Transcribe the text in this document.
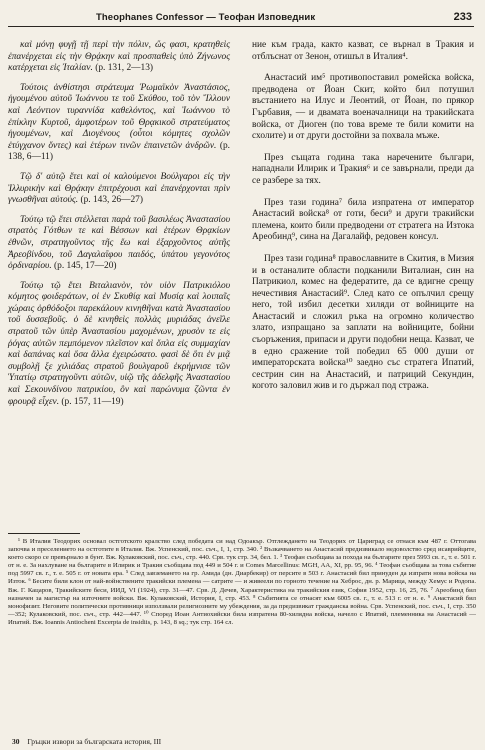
Theophanes Confessor — Теофан Изповедник	233

καὶ μόνῃ φυγῇ τῇ περὶ τὴν πόλιν, ὥς φασι, κρατηθεὶς ἐπανέρχεται εἰς τὴν Θρᾴκην καὶ προσπαθεὶς ὑπὸ Ζήνωνος κατέρχεται εἰς Ἰταλίαν. (p. 131, 2—13)

Τούτοις ἀνθίστησι στράτευμα Ῥωμαϊκὸν Ἀναστάσιος, ἡγουμένου αὐτοῦ Ἰωάννου τε τοῦ Σκύθου, τοῦ τὸν Ἴλλουν καὶ Λεόντιον τυραννίδα καθελόντος, καὶ Ἰωάννου τὸ ἐπίκλην Κυρτοῦ, ἀμφοτέρων τοῦ Θρᾳκικοῦ στρατεύματος ἡγουμένων, καὶ Διογένους (οὗτοι κόμητες σχολῶν ἐτύγχανον ὄντες) καὶ ἑτέρων τινῶν ἐπαινετῶν ἀνδρῶν. (p. 138, 6—11)

Τῷ δ' αὐτῷ ἔτει καὶ οἱ καλούμενοι Βούλγαροι εἰς τὴν Ἰλλυρικὴν καὶ Θρᾴκην ἐπιτρέχουσι καὶ ἐπανέρχονται πρὶν γνωσθῆναι αὐτούς. (p. 143, 26—27)

Τούτῳ τῷ ἔτει στέλλεται παρὰ τοῦ βασιλέως Ἀναστασίου στρατὸς Γότθων τε καὶ Βέσσων καὶ ἑτέρων Θρᾳκίων ἐθνῶν, στρατηγοῦντος τῆς ἕω καὶ ἐξαρχοῦντος αὐτῆς Ἀρεοβίνδου, τοῦ Δαγαλαΐφου παιδός, ὑπάτου γεγονότος ὀρδιναρίου. (p. 145, 17—20)

Τούτῳ τῷ ἔτει Βιταλιανὸν, τὸν υἱὸν Πατρικιόλου κόμητος φοιδεράτων, οἱ ἐν Σκυθίᾳ καὶ Μυσίᾳ καὶ λοιπαῖς χώραις ὀρθόδοξοι παρεκάλουν κινηθῆναι κατὰ Ἀναστασίου τοῦ δυσσεβοῦς. ὁ δὲ κινηθεὶς πολλὰς μυριάδας ἀνεῖλε στρατοῦ τῶν ὑπὲρ Ἀναστασίου μαχομένων, χρυσὸν τε εἰς ῥόγας αὐτῶν πεμπόμενον πλεῖστον καὶ ὅπλα εἰς συμμαχίαν καὶ δαπάνας καὶ ὅσα ἄλλα ἐχειρώσατο. φασὶ δὲ ὅτι ἐν μιᾷ συμβολῇ ξε χιλιάδας στρατοῦ βουλγαροῦ ἐκρήμνισε τῶν Ὑπατίῳ στρατηγοῦντι αὐτῶν, υἱῷ τῆς ἀδελφῆς Ἀναστασίου καὶ Σεκουνδίνου πατρικίου, ὃν καὶ παρώνυμα ζῶντα ἐν φρουρᾷ εἶχεν. (p. 157, 11—19)

ние към града, както казват, се върнал в Тракия и отблъснат от Зенон, отишъл в Италия⁴.

Анастасий им⁵ противопоставил ромейска войска, предводена от Йоан Скит, който бил потушил въстанието на Илус и Леонтий, от Йоан, по прякор Гърбавия, — и двамата военачалници на тракийската войска, от Диоген (по това време те били комити на схолите) и от други достойни за похвала мъже.

През същата година така наречените българи, нападнали Илирик и Тракия⁶ и се завърнали, преди да се разбере за тях.

През тази година⁷ била изпратена от император Анастасий войска⁸ от готи, беси⁹ и други тракийски племена, които били предводени от стратега на Изтока Ареобинд⁹, сина на Дагалайф, редовен консул.

През тази година⁸ православните в Скития, в Мизия и в останалите области подканили Виталиан, син на Патрикиол, комес на федератите, да се вдигне срещу нечестивия Анастасий⁹. След като се опълчил срещу него, той избил десетки хиляди от войниците на Анастасий и сложил ръка на огромно количество злато, изпращано за заплати на войниците, бойни съоръжения, припаси и други подобни неща. Казват, че в едно сражение той победил 65 000 души от императорската войска¹⁰ заедно със стратега Ипатий, сестрин син на Анастасий, и патриций Секундин, когото заловил жив и го държал под стража.

¹ В Италия Теодорих основал остготското кралство след победата си над Одоакър. Отглеждането на Теодорих от Цариград се отнася към 487 г. Оттогава започва и преселението на остготите в Италия. Вж. Успенский, пос. съч., I, 1, стр. 340. ² Възкачването на Анастасий предизвикало недоволство сред исаврийците, което скоро се превърнало в бунт. Вж. Кулаковский, пос. съч., стр. 440. Срв. тук стр. 34, бел. 1. ³ Теофан съобщава за похода на българите през 5993 св. г., т. е. 501 г. от н. е. За нахлуване на българите в Илирик и Тракия съобщава под 449 и 504 г. и Comes Marcellinus: MGH, AA, XI, pp. 95, 96. ⁴ Теофан съобщава за това събитие под 5997 св. г., т. е. 505 г. от новата ера. ⁵ След завземането на гр. Амида (дн. Диарбекир) от персите в 503 г. Анастасий бил принуден да изпрати нова войска на Изток. ⁶ Бесите били клон от най-войнствените тракийски племена — сатрите — и живеели по горното течение на Хеброс, дн. р. Марица, между Хемус и Родопа. Вж. Г. Кацаров, Тракийските беси, ИИД, VI (1924), стр. 31—47. Срв. Д. Дечев, Характеристика на тракийския език, София 1952, стр. 16, 25, 76. ⁷ Ареобинд бил назначен за магистър на източните войски. Вж. Кулаковский, История, I, стр. 453. ⁸ Събитията се отнасят към 6005 св. г., т. е. 513 г. от н. е. ⁹ Анастасий бил монофизит. Неговите политически противници използвали религиозните му убеждения, за да предизвикат гражданска война. Срв. Успенский, пос. съч., I, стр. 350—352; Кулаковский, пос. съч., стр. 442—447. ¹⁰ Според Иоан Антиохийски била изпратена 80-хилядна войска, начело с Ипатий, племенника на Анастасий — Ипатий. Вж. Ioannis Antiocheni Excerpta de insidiis, p. 143, 8 sq.; тук стр. 164 сл.

30 Гръцки извори за българската история, III
